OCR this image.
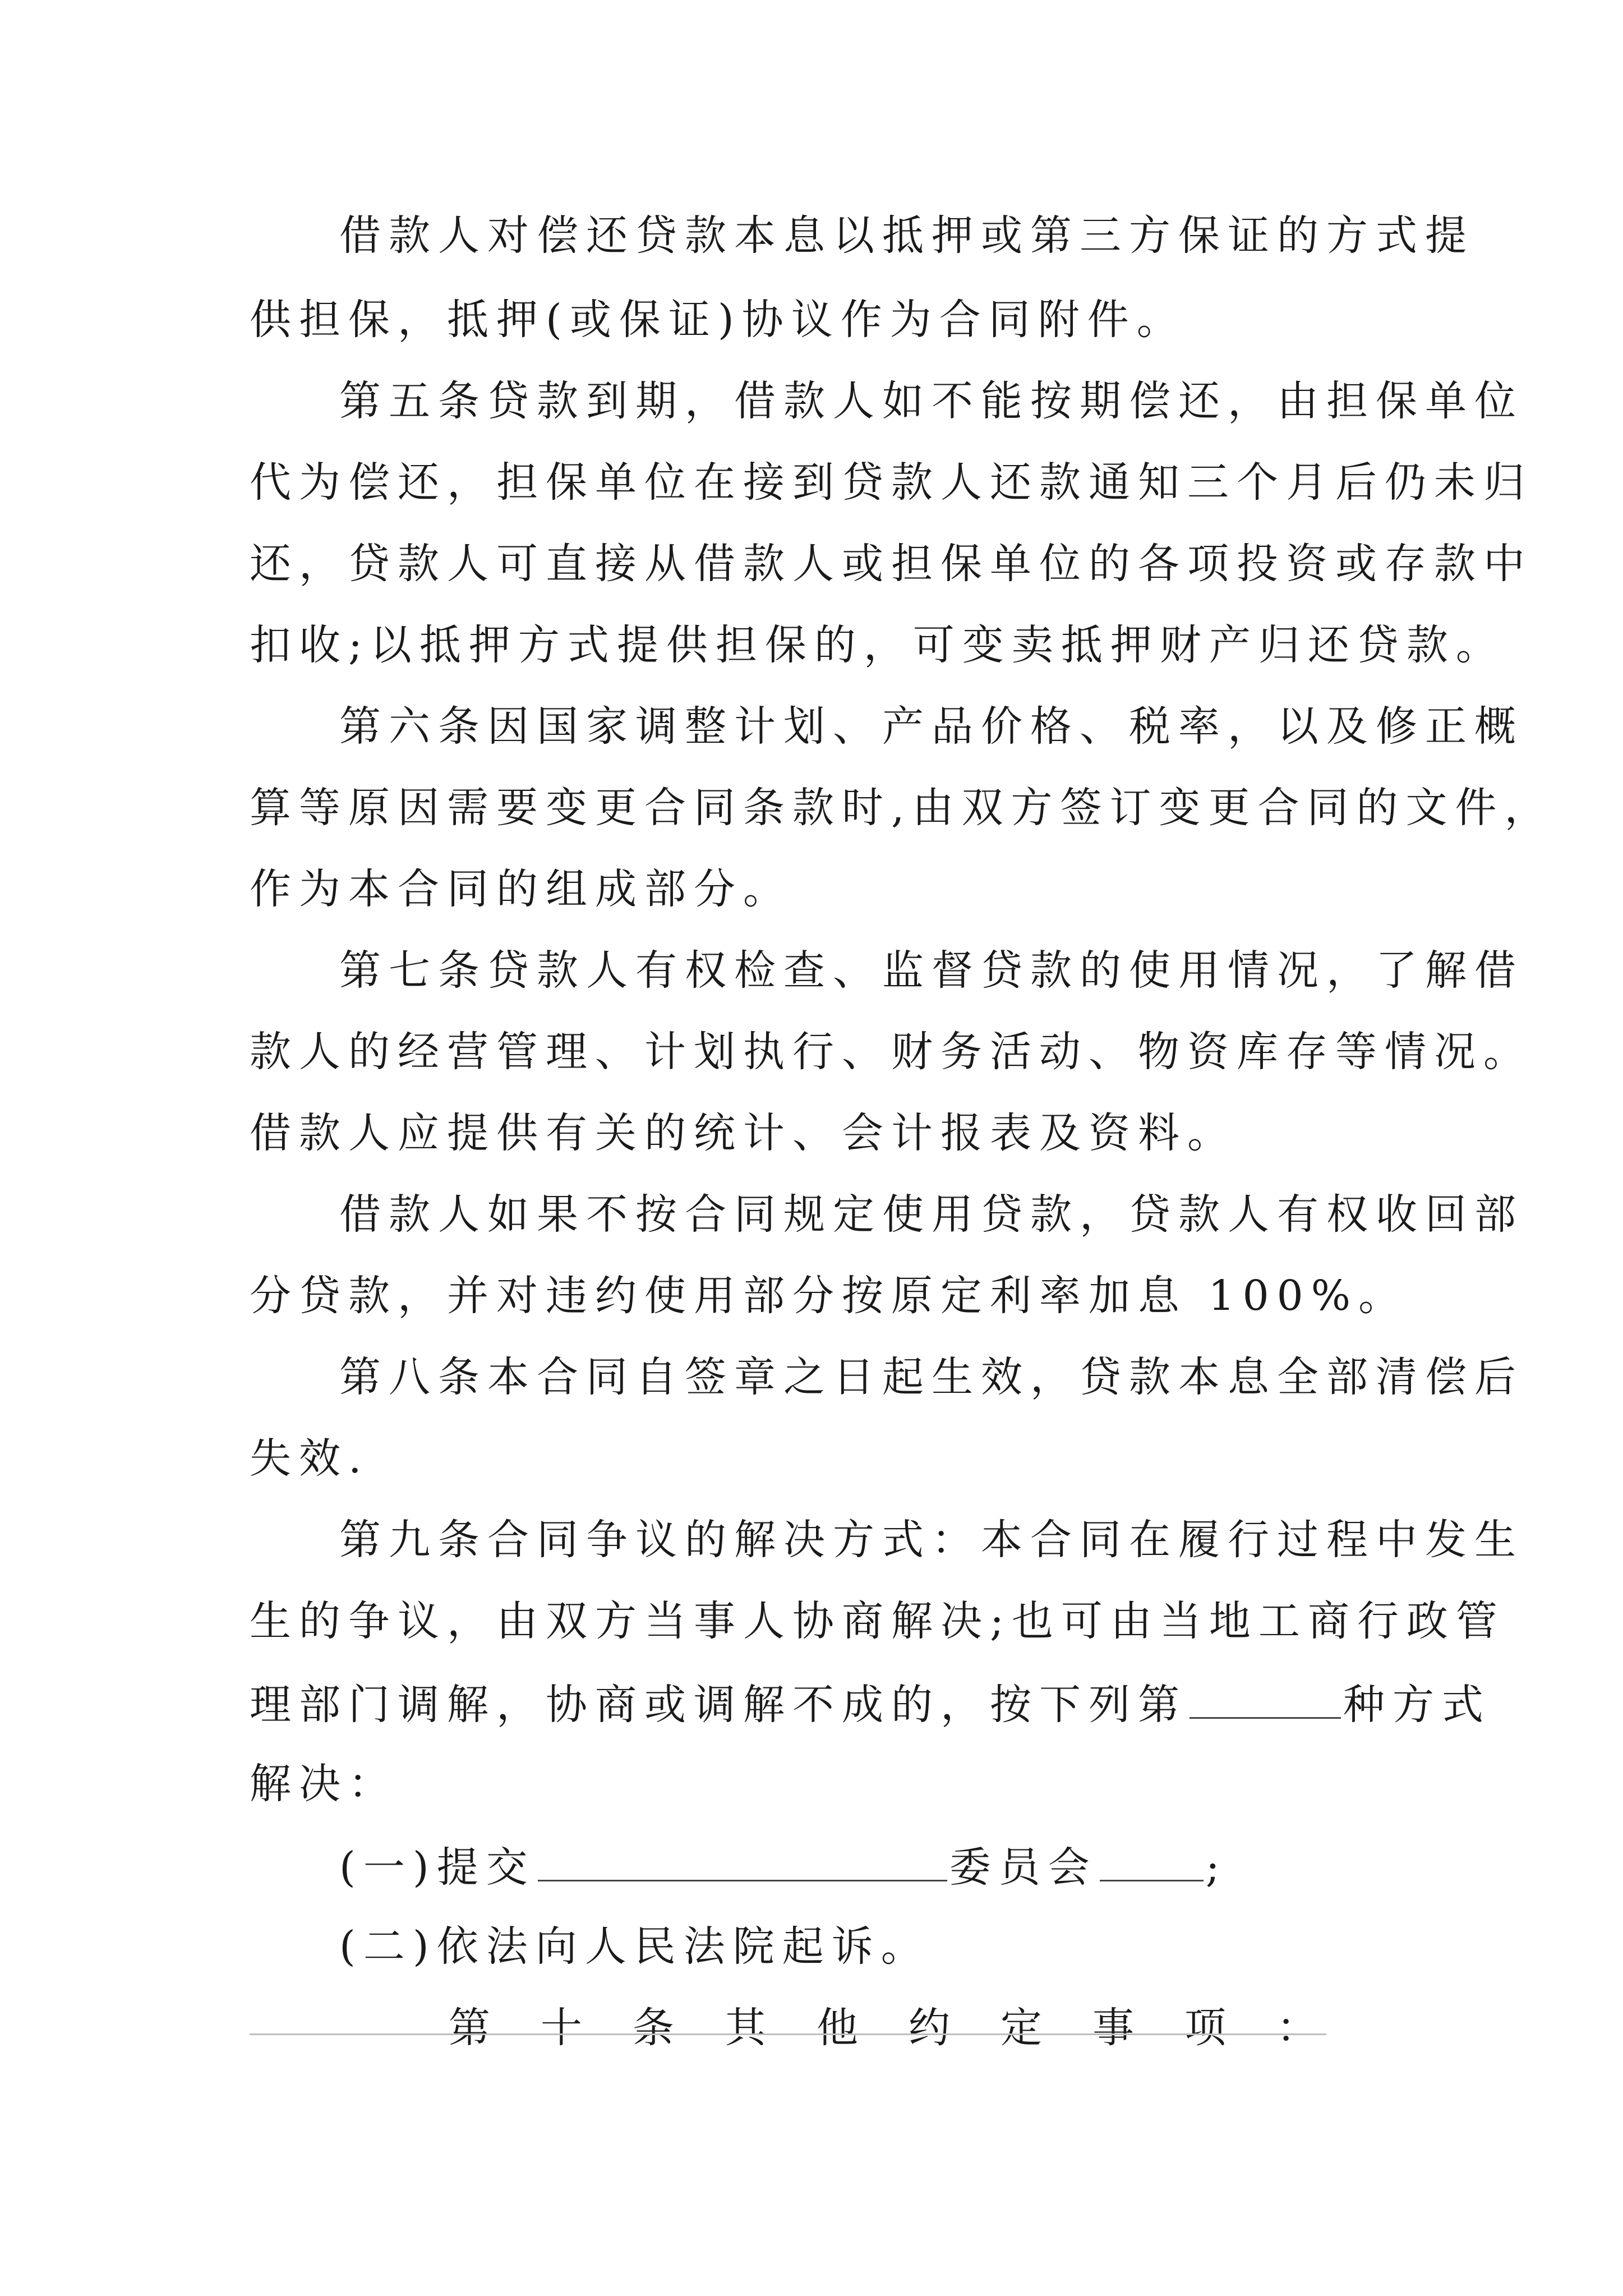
借款人对偿还贷款本息以抵押或第三方保证的方式提
供担保，抵押(或保证)协议作为合同附件。
第五条贷款到期，借款人如不能按期偿还，由担保单位
代为偿还，担保单位在接到贷款人还款通知三个月后仍未归
还，贷款人可直接从借款人或担保单位的各项投资或存款中
扣收;以抵押方式提供担保的，可变卖抵押财产归还贷款。
第六条因国家调整计划、产品价格、税率，以及修正概
算等原因需要变更合同条款时,由双方签订变更合同的文件，
作为本合同的组成部分。
第七条贷款人有权检查、监督贷款的使用情况，了解借
款人的经营管理、计划执行、财务活动、物资库存等情况。
借款人应提供有关的统计、会计报表及资料。
借款人如果不按合同规定使用贷款，贷款人有权收回部
分贷款，并对违约使用部分按原定利率加息 100%。
第八条本合同自签章之日起生效，贷款本息全部清偿后
失效.
第九条合同争议的解决方式：本合同在履行过程中发生
生的争议，由双方当事人协商解决;也可由当地工商行政管
理部门调解，协商或调解不成的，按下列第	种方式
解决：
(一)提交	委员会	;
(二)依法向人民法院起诉。
第十条其他约定事项：
